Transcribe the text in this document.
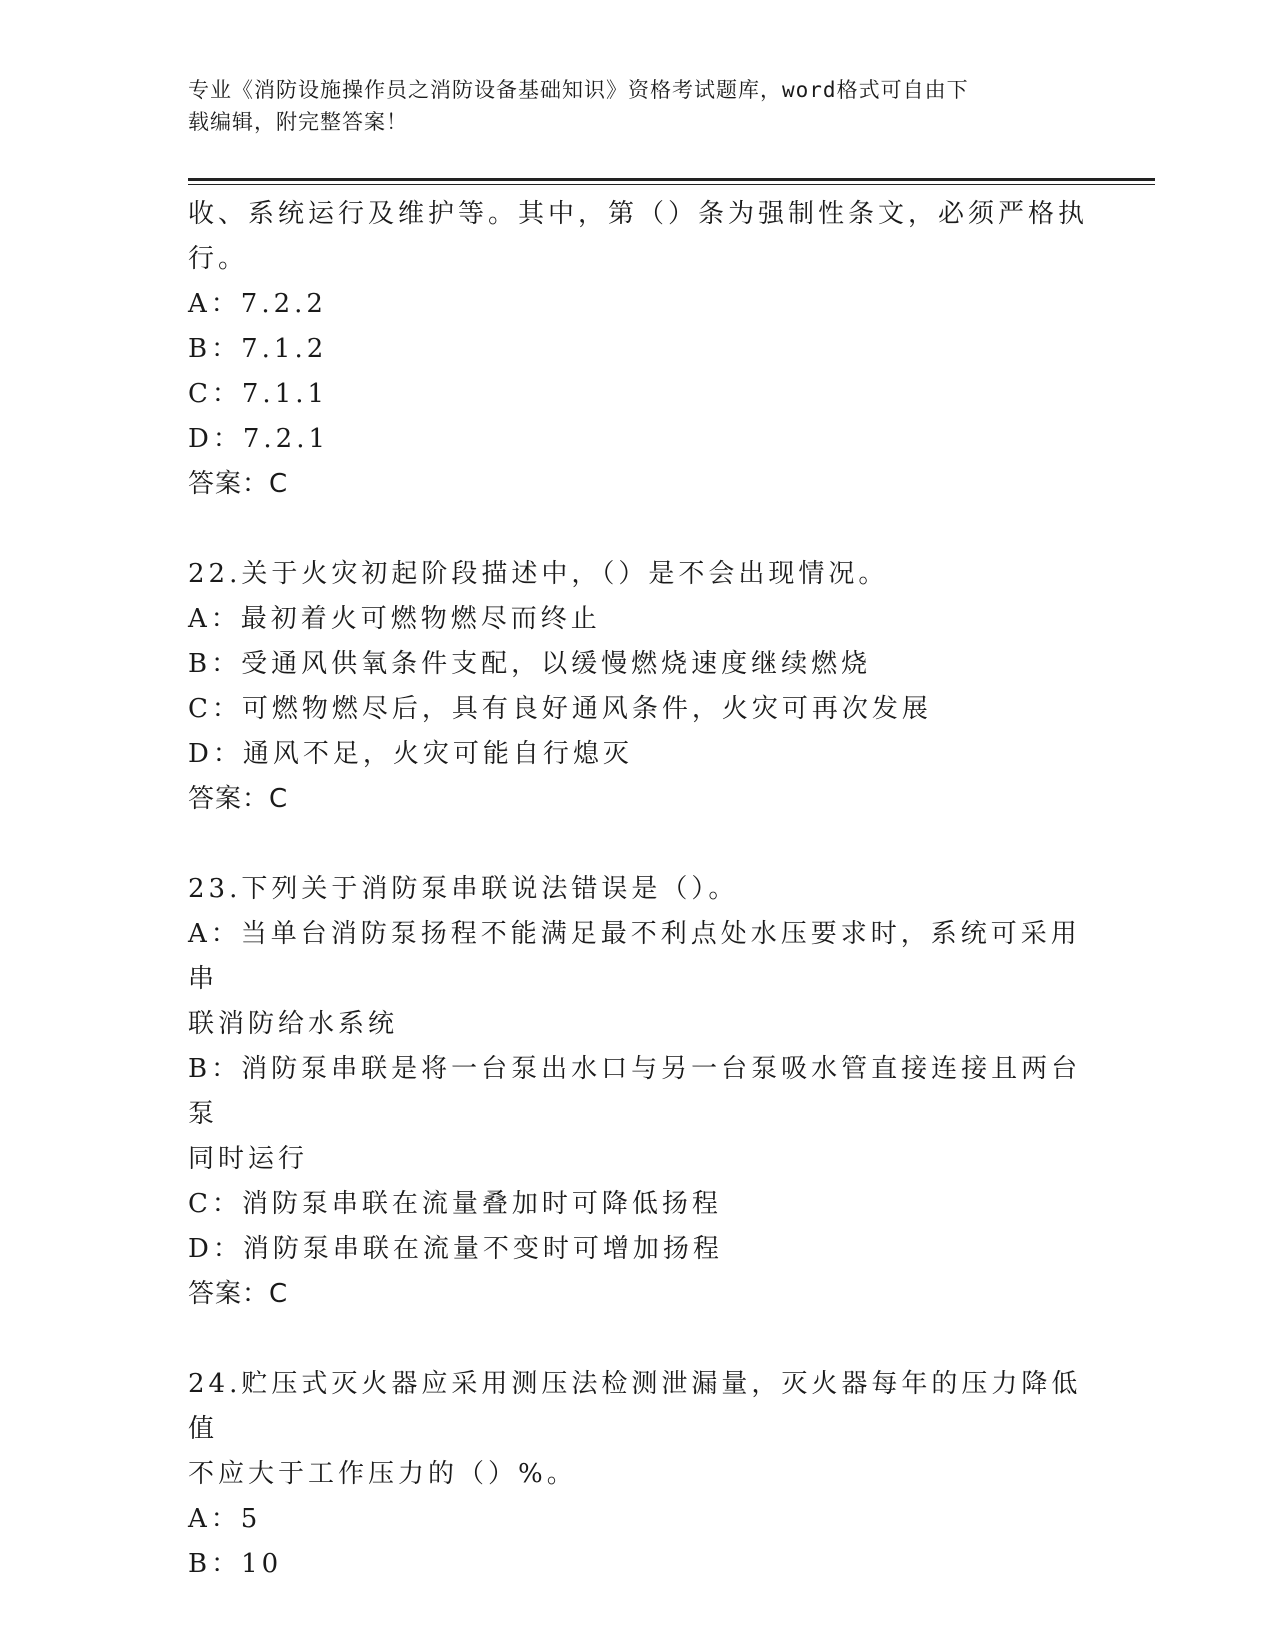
专业《消防设施操作员之消防设备基础知识》资格考试题库，word格式可自由下
载编辑，附完整答案！
收、系统运行及维护等。其中，第（）条为强制性条文，必须严格执
行。
A：7.2.2
B：7.1.2
C：7.1.1
D：7.2.1
答案：C
22.关于火灾初起阶段描述中，（）是不会出现情况。
A：最初着火可燃物燃尽而终止
B：受通风供氧条件支配，以缓慢燃烧速度继续燃烧
C：可燃物燃尽后，具有良好通风条件，火灾可再次发展
D：通风不足，火灾可能自行熄灭
答案：C
23.下列关于消防泵串联说法错误是（）。
A：当单台消防泵扬程不能满足最不利点处水压要求时，系统可采用串
联消防给水系统
B：消防泵串联是将一台泵出水口与另一台泵吸水管直接连接且两台泵
同时运行
C：消防泵串联在流量叠加时可降低扬程
D：消防泵串联在流量不变时可增加扬程
答案：C
24.贮压式灭火器应采用测压法检测泄漏量，灭火器每年的压力降低值
不应大于工作压力的（）%。
A：5
B：10
